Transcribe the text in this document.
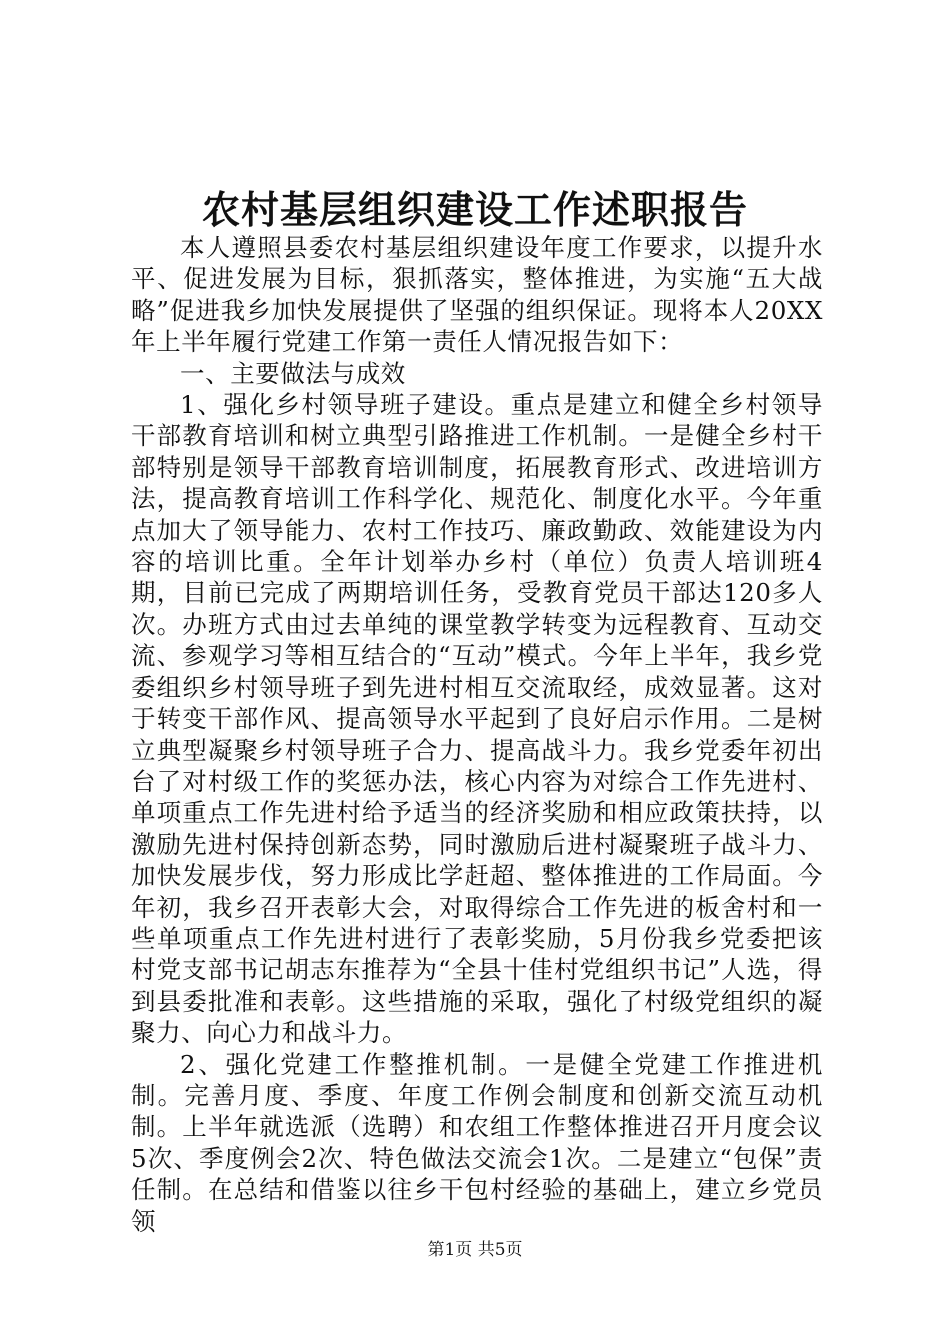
农村基层组织建设工作述职报告

本人遵照县委农村基层组织建设年度工作要求，以提升水平、促进发展为目标，狠抓落实，整体推进，为实施“五大战略”促进我乡加快发展提供了坚强的组织保证。现将本人20XX年上半年履行党建工作第一责任人情况报告如下：

一、主要做法与成效

1、强化乡村领导班子建设。重点是建立和健全乡村领导干部教育培训和树立典型引路推进工作机制。一是健全乡村干部特别是领导干部教育培训制度，拓展教育形式、改进培训方法，提高教育培训工作科学化、规范化、制度化水平。今年重点加大了领导能力、农村工作技巧、廉政勤政、效能建设为内容的培训比重。全年计划举办乡村（单位）负责人培训班4期，目前已完成了两期培训任务，受教育党员干部达120多人次。办班方式由过去单纯的课堂教学转变为远程教育、互动交流、参观学习等相互结合的“互动”模式。今年上半年，我乡党委组织乡村领导班子到先进村相互交流取经，成效显著。这对于转变干部作风、提高领导水平起到了良好启示作用。二是树立典型凝聚乡村领导班子合力、提高战斗力。我乡党委年初出台了对村级工作的奖惩办法，核心内容为对综合工作先进村、单项重点工作先进村给予适当的经济奖励和相应政策扶持，以激励先进村保持创新态势，同时激励后进村凝聚班子战斗力、加快发展步伐，努力形成比学赶超、整体推进的工作局面。今年初，我乡召开表彰大会，对取得综合工作先进的板舍村和一些单项重点工作先进村进行了表彰奖励，5月份我乡党委把该村党支部书记胡志东推荐为“全县十佳村党组织书记”人选，得到县委批准和表彰。这些措施的采取，强化了村级党组织的凝聚力、向心力和战斗力。

2、强化党建工作整推机制。一是健全党建工作推进机制。完善月度、季度、年度工作例会制度和创新交流互动机制。上半年就选派（选聘）和农组工作整体推进召开月度会议5次、季度例会2次、特色做法交流会1次。二是建立“包保”责任制。在总结和借鉴以往乡干包村经验的基础上，建立乡党员领

第1页 共5页
